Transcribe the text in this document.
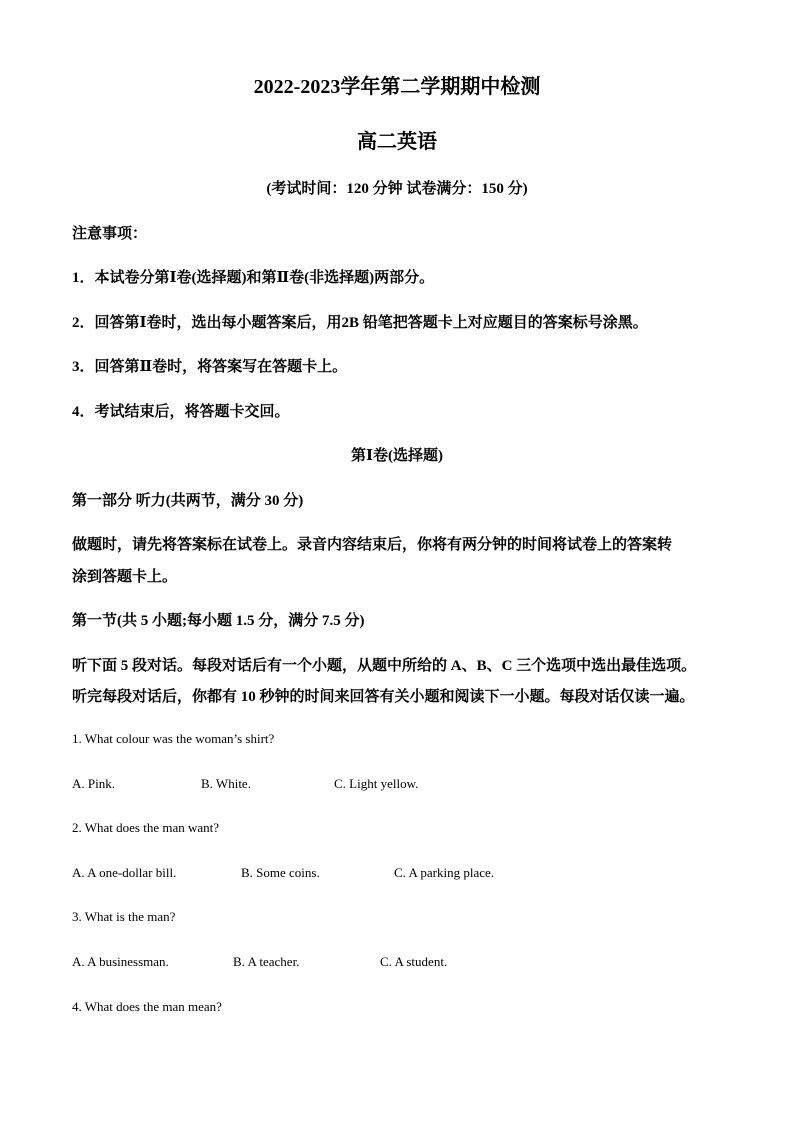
2022-2023学年第二学期期中检测
高二英语
(考试时间：120 分钟 试卷满分：150 分)
注意事项：
1．本试卷分第Ⅰ卷(选择题)和第Ⅱ卷(非选择题)两部分。
2．回答第Ⅰ卷时，选出每小题答案后，用2B 铅笔把答题卡上对应题目的答案标号涂黑。
3．回答第Ⅱ卷时，将答案写在答题卡上。
4．考试结束后，将答题卡交回。
第Ⅰ卷(选择题)
第一部分 听力(共两节，满分 30 分)
做题时，请先将答案标在试卷上。录音内容结束后，你将有两分钟的时间将试卷上的答案转
涂到答题卡上。
第一节(共 5 小题;每小题 1.5 分，满分 7.5 分)
听下面 5 段对话。每段对话后有一个小题，从题中所给的 A、B、C 三个选项中选出最佳选项。
听完每段对话后，你都有 10 秒钟的时间来回答有关小题和阅读下一小题。每段对话仅读一遍。
1. What colour was the woman’s shirt?
A. Pink.	B. White.	C. Light yellow.
2. What does the man want?
A. A one-dollar bill.	B. Some coins.	C. A parking place.
3. What is the man?
A. A businessman.	B. A teacher.	C. A student.
4. What does the man mean?
